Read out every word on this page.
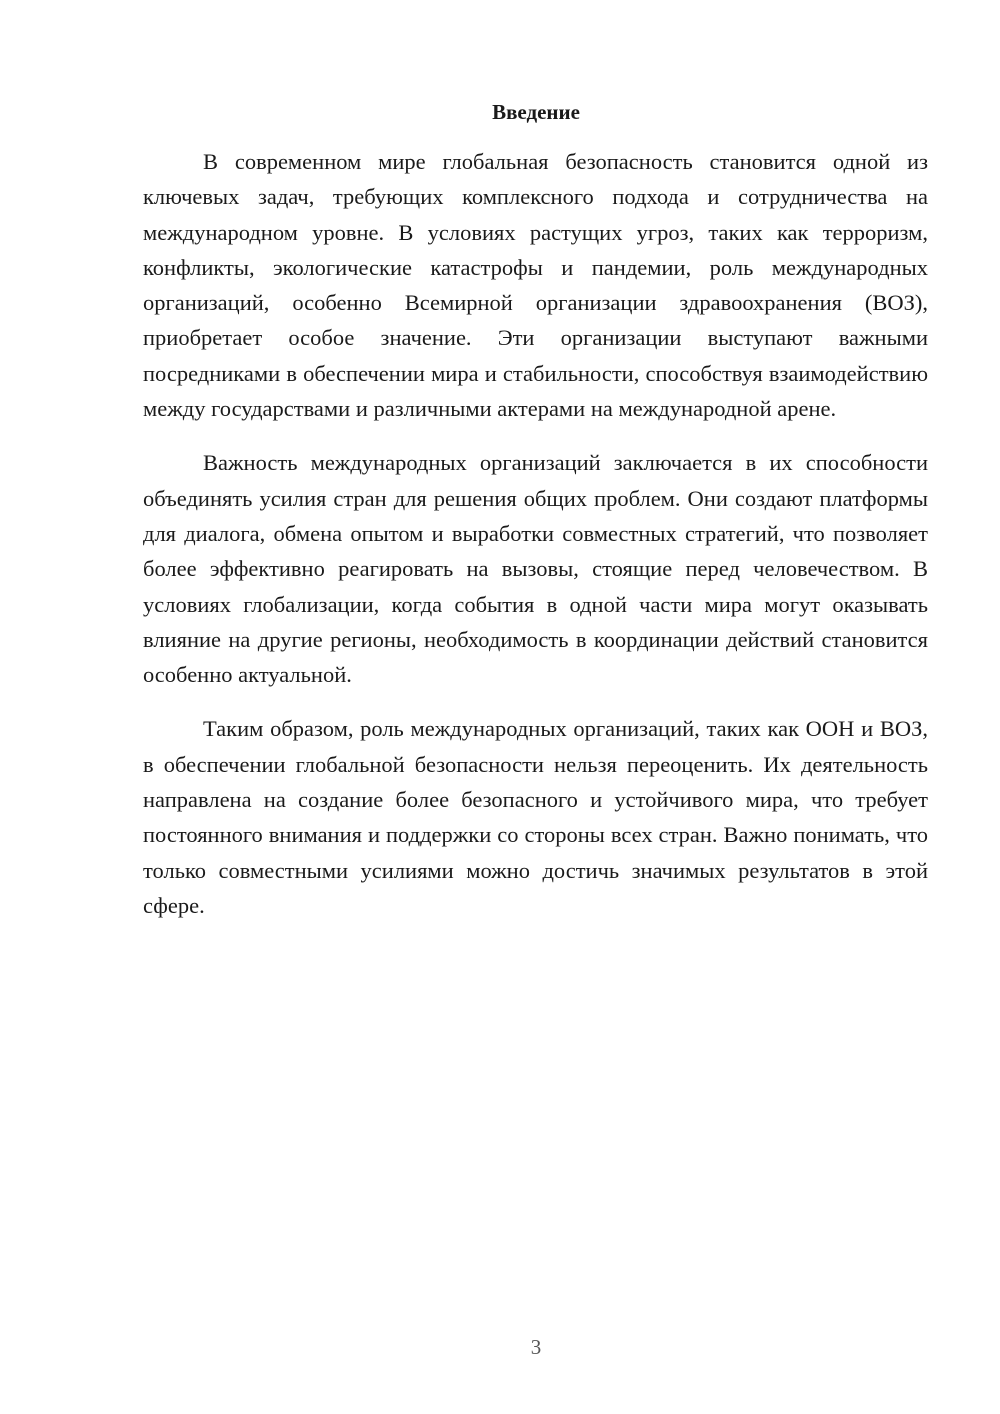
Введение

В современном мире глобальная безопасность становится одной из ключевых задач, требующих комплексного подхода и сотрудничества на международном уровне. В условиях растущих угроз, таких как терроризм, конфликты, экологические катастрофы и пандемии, роль международных организаций, особенно Всемирной организации здравоохранения (ВОЗ), приобретает особое значение. Эти организации выступают важными посредниками в обеспечении мира и стабильности, способствуя взаимодействию между государствами и различными актерами на международной арене.

Важность международных организаций заключается в их способности объединять усилия стран для решения общих проблем. Они создают платформы для диалога, обмена опытом и выработки совместных стратегий, что позволяет более эффективно реагировать на вызовы, стоящие перед человечеством. В условиях глобализации, когда события в одной части мира могут оказывать влияние на другие регионы, необходимость в координации действий становится особенно актуальной.

Таким образом, роль международных организаций, таких как ООН и ВОЗ, в обеспечении глобальной безопасности нельзя переоценить. Их деятельность направлена на создание более безопасного и устойчивого мира, что требует постоянного внимания и поддержки со стороны всех стран. Важно понимать, что только совместными усилиями можно достичь значимых результатов в этой сфере.

3
